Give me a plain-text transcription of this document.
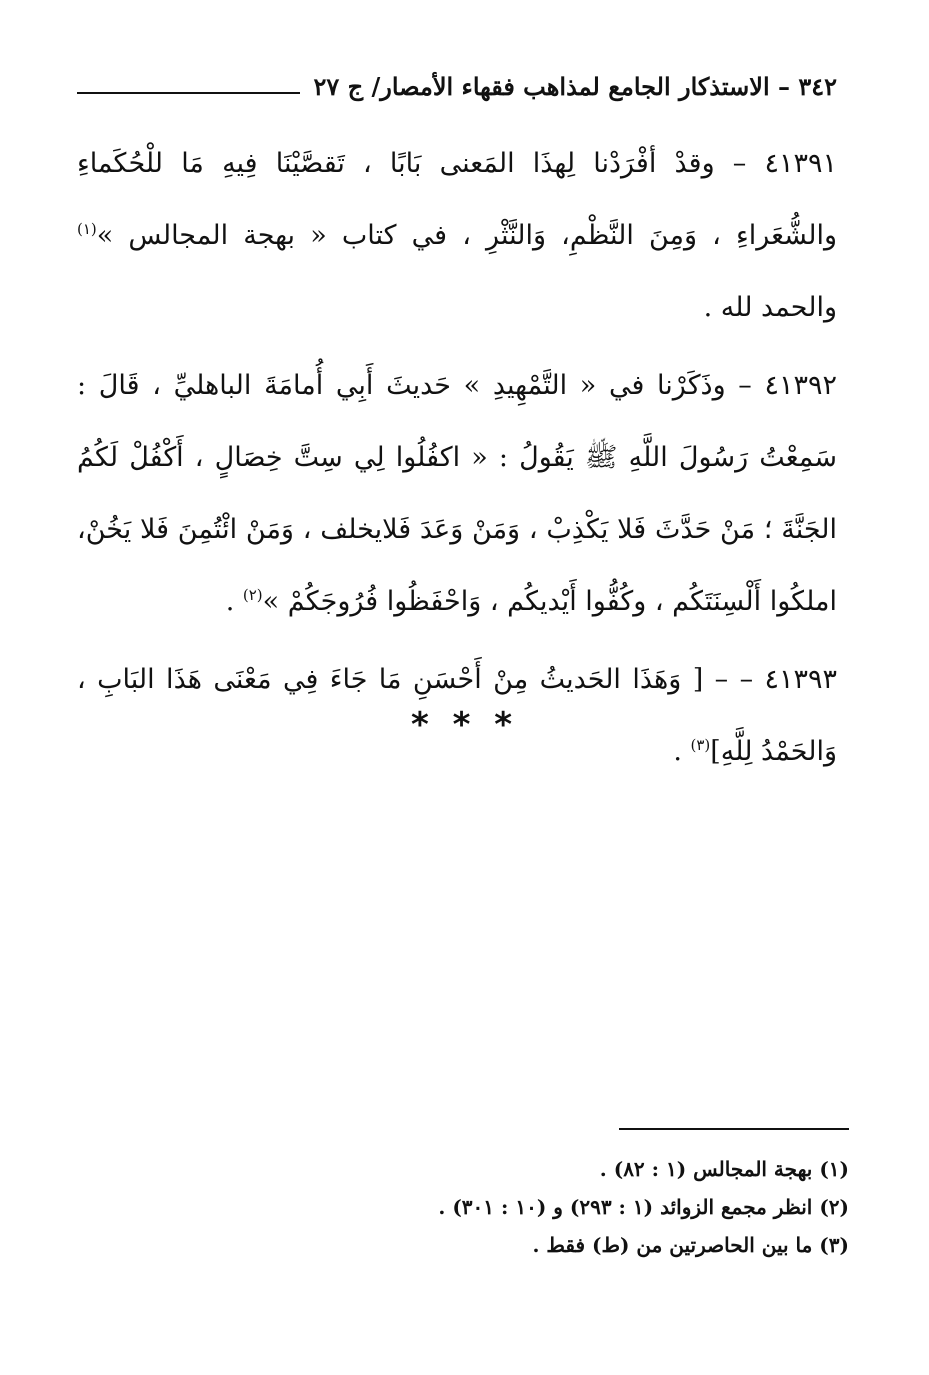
٣٤٢ – الاستذكار الجامع لمذاهب فقهاء الأمصار/ ج ٢٧

٤١٣٩١ – وقدْ أفْرَدْنا لِهذَا المَعنى بَابًا ، تَقصَّيْنَا فِيهِ مَا للْحُكَماءِ والشُّعَراءِ ، وَمِنَ النَّظْمِ، وَالنَّثْرِ ، في كتاب « بهجة المجالس »$^{(١)}$ والحمد لله .

٤١٣٩٢ – وذَكَرْنا في « التَّمْهِيدِ » حَديثَ أَبِي أُمامَةَ الباهليِّ ، قَالَ : سَمِعْتُ رَسُولَ اللَّهِ ﷺ يَقُولُ : « اكفُلُوا لِي سِتَّ خِصَالٍ ، أَكْفُلْ لَكُمُ الجَنَّةَ ؛ مَنْ حَدَّثَ فَلا يَكْذِبْ ، وَمَنْ وَعَدَ فَلايخلف ، وَمَنْ ائْتُمِنَ فَلا يَخُنْ، املكُوا أَلْسِنَتَكُم ، وكُفُّوا أَيْديكُم ، وَاحْفَظُوا فُرُوجَكُمْ »$^{(٢)}$ .

٤١٣٩٣ – – [ وَهَذَا الحَديثُ مِنْ أَحْسَنِ مَا جَاءَ فِي مَعْنَى هَذَا البَابِ ، وَالحَمْدُ لِلَّهِ]$^{(٣)}$ .

* * *

(١) بهجة المجالس (١ : ٨٢) .

(٢) انظر مجمع الزوائد (١ : ٢٩٣) و (١٠ : ٣٠١) .

(٣) ما بين الحاصرتين من (ط) فقط .
